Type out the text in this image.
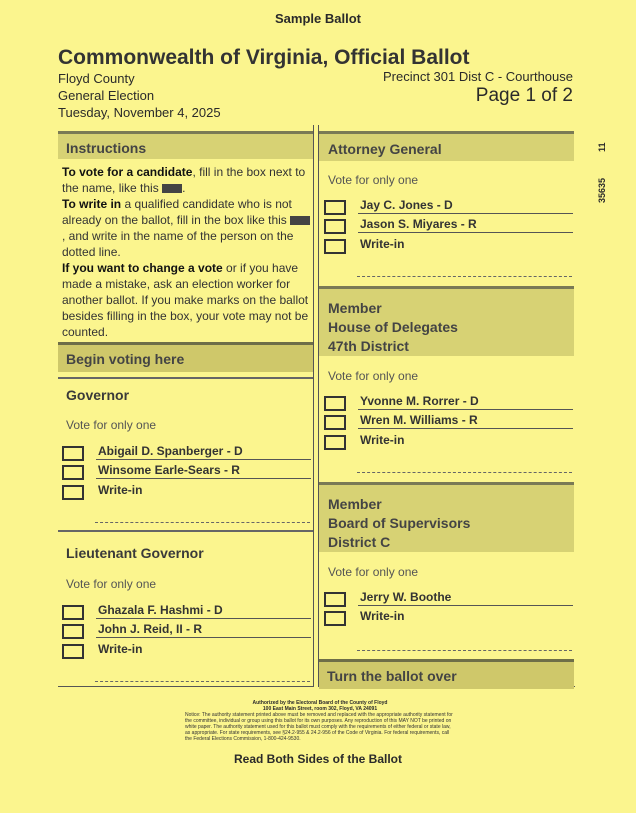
Sample Ballot
Commonwealth of Virginia, Official Ballot
Floyd County
General Election
Tuesday, November 4, 2025
Precinct 301 Dist C - Courthouse
Page 1 of 2
11
35635
Instructions
To vote for a candidate, fill in the box next to the name, like this .
To write in a qualified candidate who is not already on the ballot, fill in the box like this , and write in the name of the person on the dotted line.
If you want to change a vote or if you have made a mistake, ask an election worker for another ballot. If you make marks on the ballot besides filling in the box, your vote may not be counted.
Begin voting here
Governor
Vote for only one
Abigail D. Spanberger - D
Winsome Earle-Sears - R
Write-in
Lieutenant Governor
Vote for only one
Ghazala F. Hashmi - D
John J. Reid, II - R
Write-in
Attorney General
Vote for only one
Jay C. Jones - D
Jason S. Miyares - R
Write-in
Member
House of Delegates
47th District
Vote for only one
Yvonne M. Rorrer - D
Wren M. Williams - R
Write-in
Member
Board of Supervisors
District C
Vote for only one
Jerry W. Boothe
Write-in
Turn the ballot over
Authorized by the Electoral Board of the County of Floyd
100 East Main Street, room 302, Floyd, VA 24091
Notice: The authority statement printed above must be removed and replaced with the appropriate authority statement for the committee, individual or group using this ballot for its own purposes. Any reproduction of this MAY NOT be printed on white paper. The authority statement used for this ballot must comply with the requirements of either federal or state law, as appropriate. For state requirements, see §24.2-955 & 24.2-956 of the Code of Virginia. For federal requirements, call the Federal Elections Commission, 1-800-424-9530.
Read Both Sides of the Ballot
